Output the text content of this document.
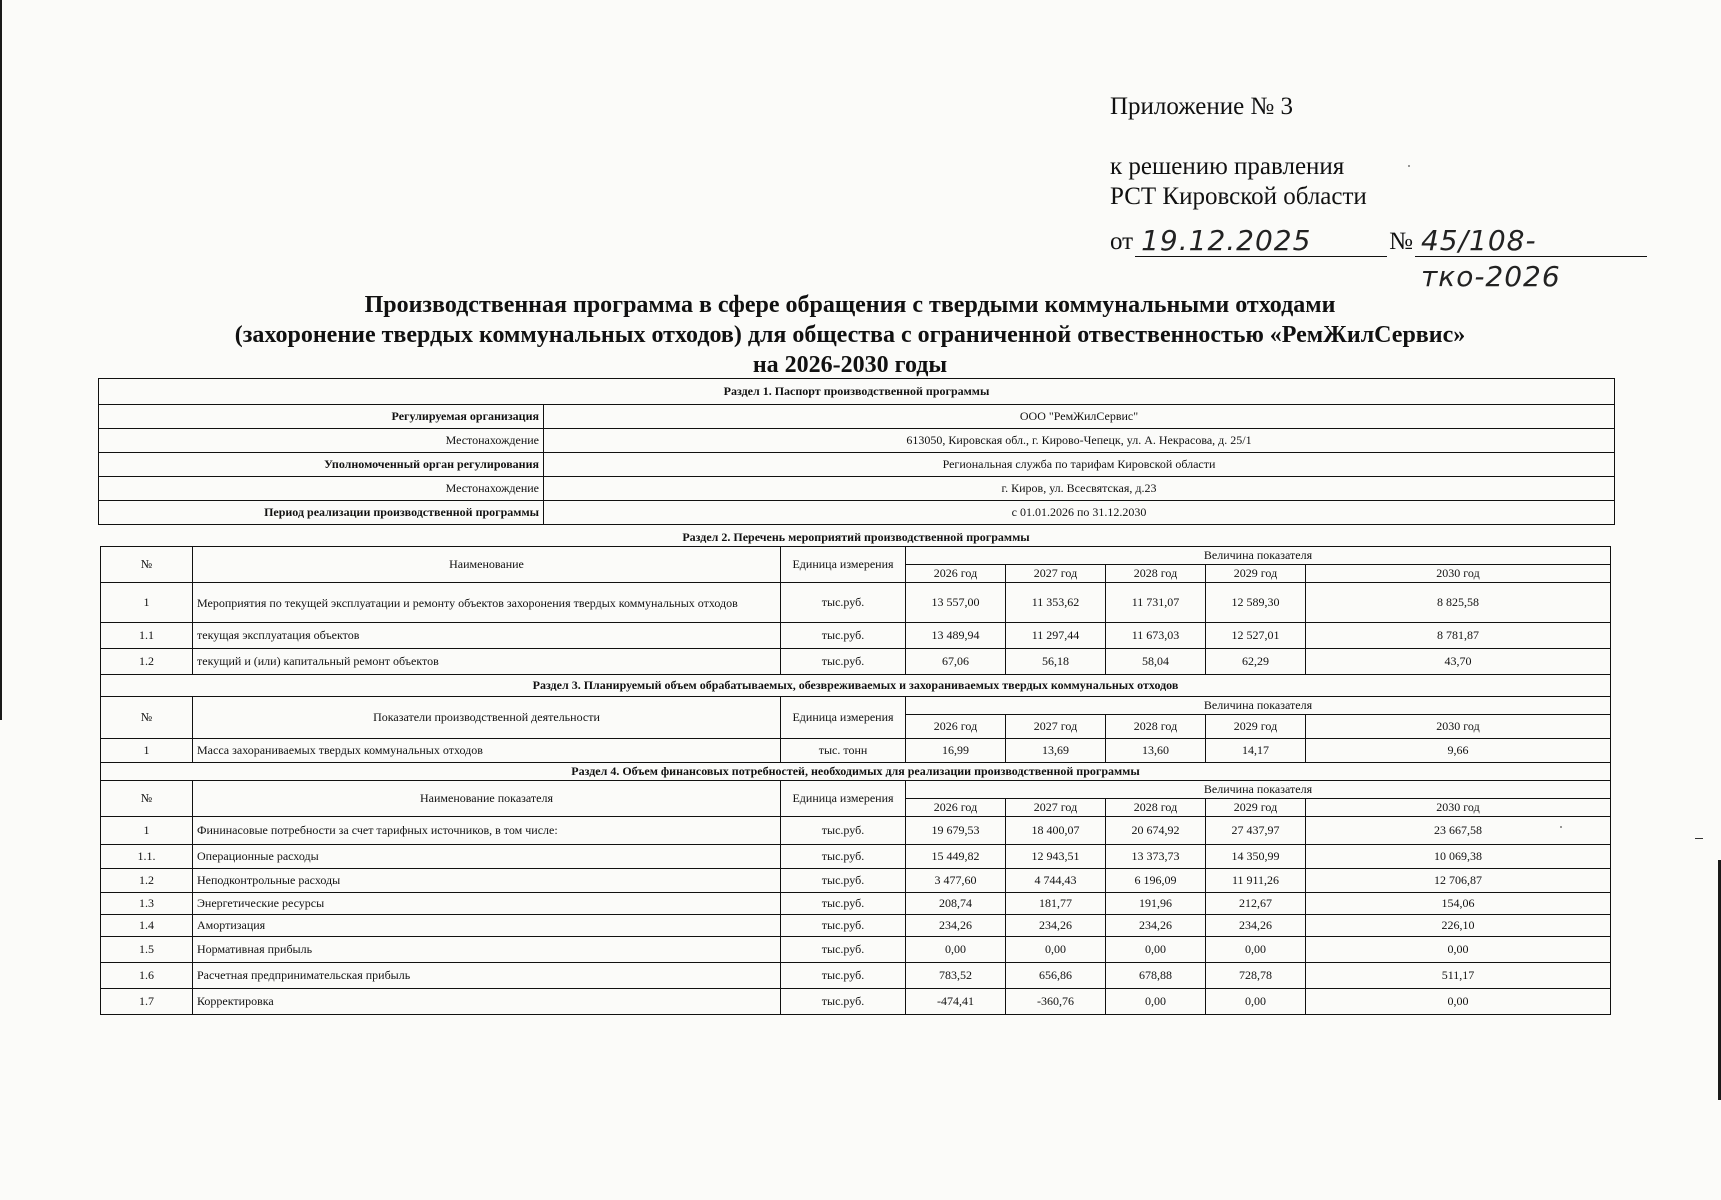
Приложение № 3
к решению правления
РСТ Кировской области
от 19.12.2025	№ 45/108-тко-2026
Производственная программа в сфере обращения с твердыми коммунальными отходами
(захоронение твердых коммунальных отходов) для общества с ограниченной отвественностью «РемЖилСервис»
на 2026-2030 годы
Раздел 1. Паспорт производственной программы	
Регулируемая организация	ООО "РемЖилСервис"
Местонахождение	613050, Кировская обл., г. Кирово-Чепецк, ул. А. Некрасова, д. 25/1
Уполномоченный орган регулирования	Региональная служба по тарифам Кировской области
Местонахождение	г. Киров, ул. Всесвятская, д.23
Период реализации производственной программы	с 01.01.2026 по 31.12.2030
Раздел 2. Перечень мероприятий производственной программы
№	Наименование	Единица измерения	Величина показателя				
			2026 год	2027 год	2028 год	2029 год	2030 год
1	Мероприятия по текущей эксплуатации и ремонту объектов захоронения твердых коммунальных отходов	тыс.руб.	13 557,00	11 353,62	11 731,07	12 589,30	8 825,58
1.1	текущая эксплуатация объектов	тыс.руб.	13 489,94	11 297,44	11 673,03	12 527,01	8 781,87
1.2	текущий и (или) капитальный ремонт объектов	тыс.руб.	67,06	56,18	58,04	62,29	43,70
Раздел 3. Планируемый объем обрабатываемых, обезвреживаемых и захораниваемых твердых коммунальных отходов							
№	Показатели производственной деятельности	Единица измерения	Величина показателя				
			2026 год	2027 год	2028 год	2029 год	2030 год
1	Масса захораниваемых твердых коммунальных отходов	тыс. тонн	16,99	13,69	13,60	14,17	9,66
Раздел 4. Объем финансовых потребностей, необходимых для реализации производственной программы							
№	Наименование показателя	Единица измерения	Величина показателя				
			2026 год	2027 год	2028 год	2029 год	2030 год
1	Фининасовые потребности за счет тарифных источников, в том числе:	тыс.руб.	19 679,53	18 400,07	20 674,92	27 437,97	23 667,58
1.1.	Операционные расходы	тыс.руб.	15 449,82	12 943,51	13 373,73	14 350,99	10 069,38
1.2	Неподконтрольные расходы	тыс.руб.	3 477,60	4 744,43	6 196,09	11 911,26	12 706,87
1.3	Энергетические ресурсы	тыс.руб.	208,74	181,77	191,96	212,67	154,06
1.4	Амортизация	тыс.руб.	234,26	234,26	234,26	234,26	226,10
1.5	Нормативная прибыль	тыс.руб.	0,00	0,00	0,00	0,00	0,00
1.6	Расчетная предпринимательская прибыль	тыс.руб.	783,52	656,86	678,88	728,78	511,17
1.7	Корректировка	тыс.руб.	-474,41	-360,76	0,00	0,00	0,00
